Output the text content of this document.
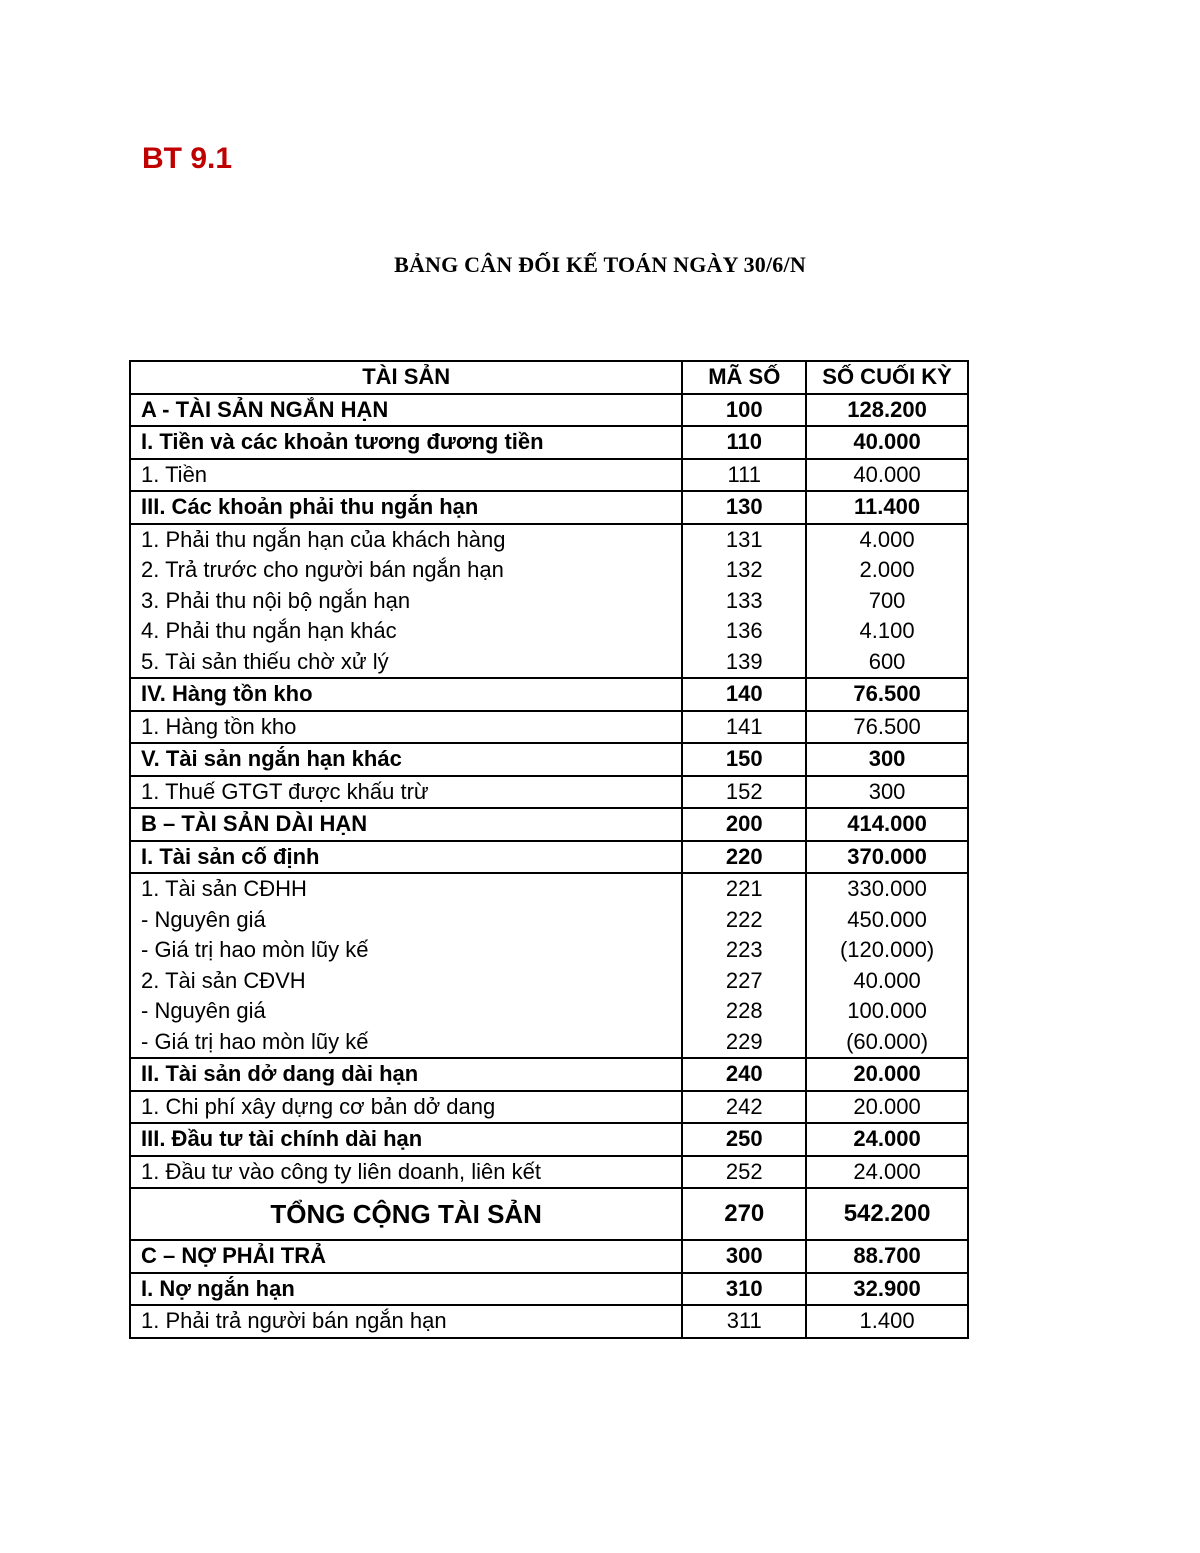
BT 9.1
BẢNG CÂN ĐỐI KẾ TOÁN NGÀY 30/6/N
TÀI SẢN	MÃ SỐ	SỐ CUỐI KỲ
A - TÀI SẢN NGẮN HẠN	100	128.200
I. Tiền và các khoản tương đương tiền	110	40.000
1. Tiền	111	40.000
III. Các khoản phải thu ngắn hạn	130	11.400
1. Phải thu ngắn hạn của khách hàng	131	4.000
2. Trả trước cho người bán ngắn hạn	132	2.000
3. Phải thu nội bộ ngắn hạn	133	700
4. Phải thu ngắn hạn khác	136	4.100
5. Tài sản thiếu chờ xử lý	139	600
IV. Hàng tồn kho	140	76.500
1. Hàng tồn kho	141	76.500
V. Tài sản ngắn hạn khác	150	300
1. Thuế GTGT được khấu trừ	152	300
B – TÀI SẢN DÀI HẠN	200	414.000
I. Tài sản cố định	220	370.000
1. Tài sản CĐHH	221	330.000
- Nguyên giá	222	450.000
- Giá trị hao mòn lũy kế	223	(120.000)
2. Tài sản CĐVH	227	40.000
- Nguyên giá	228	100.000
- Giá trị hao mòn lũy kế	229	(60.000)
II. Tài sản dở dang dài hạn	240	20.000
1. Chi phí xây dựng cơ bản dở dang	242	20.000
III. Đầu tư tài chính dài hạn	250	24.000
1. Đầu tư vào công ty liên doanh, liên kết	252	24.000
TỔNG CỘNG TÀI SẢN	270	542.200
C – NỢ PHẢI TRẢ	300	88.700
I. Nợ ngắn hạn	310	32.900
1. Phải trả người bán ngắn hạn	311	1.400
